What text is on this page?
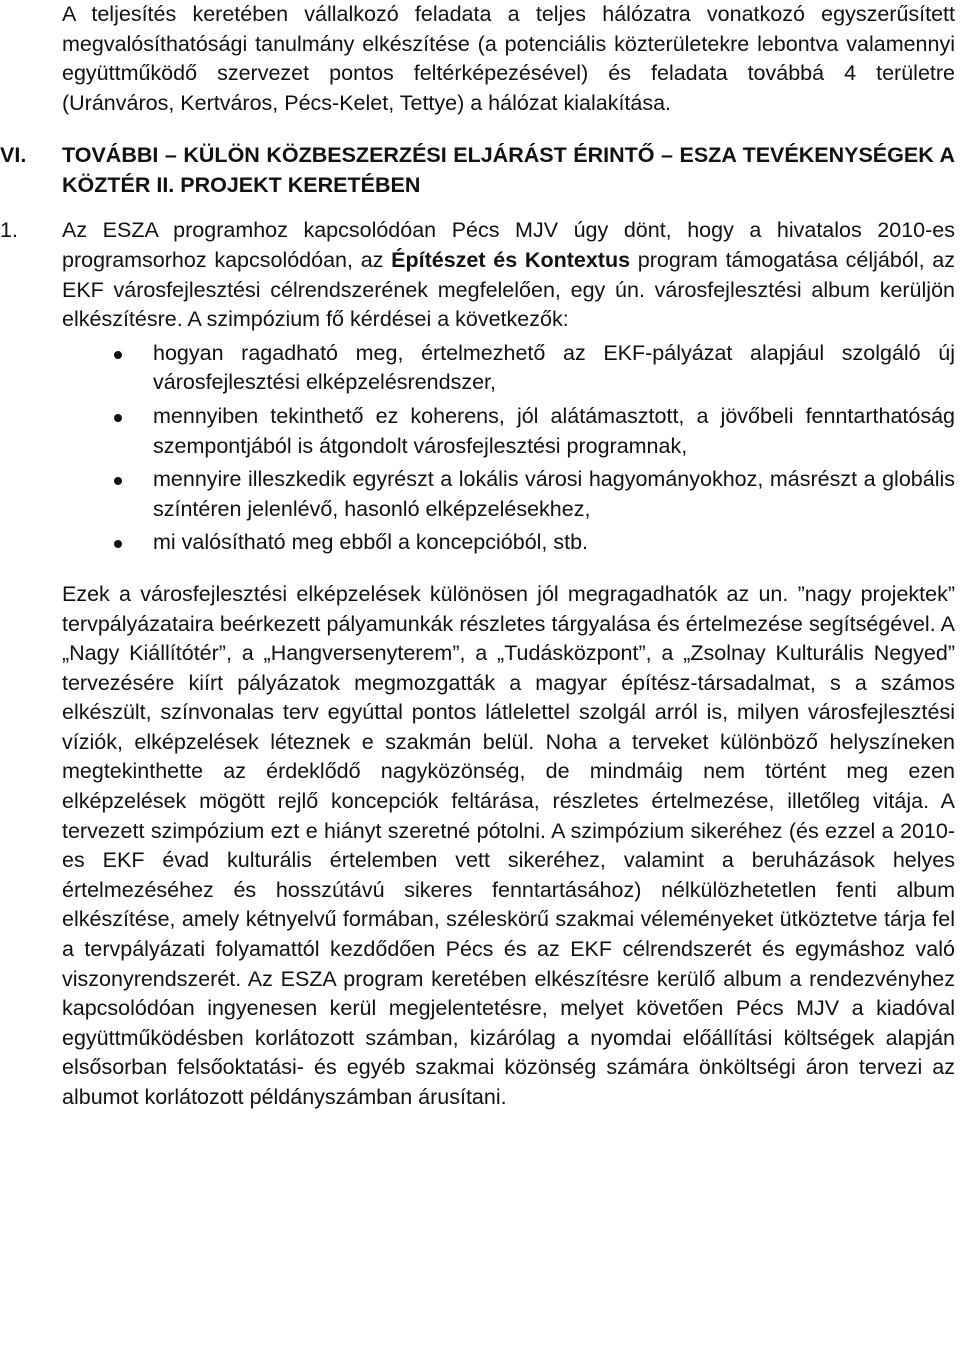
A teljesítés keretében vállalkozó feladata a teljes hálózatra vonatkozó egyszerűsített megvalósíthatósági tanulmány elkészítése (a potenciális közterületekre lebontva valamennyi együttműködő szervezet pontos feltérképezésével) és feladata továbbá 4 területre (Uránváros, Kertváros, Pécs-Kelet, Tettye) a hálózat kialakítása.

VI.	TOVÁBBI – KÜLÖN KÖZBESZERZÉSI ELJÁRÁST ÉRINTŐ – ESZA TEVÉKENYSÉGEK A KÖZTÉR II. PROJEKT KERETÉBEN

1. Az ESZA programhoz kapcsolódóan Pécs MJV úgy dönt, hogy a hivatalos 2010-es programsorhoz kapcsolódóan, az Építészet és Kontextus program támogatása céljából, az EKF városfejlesztési célrendszerének megfelelően, egy ún. városfejlesztési album kerüljön elkészítésre. A szimpózium fő kérdései a következők:

hogyan ragadható meg, értelmezhető az EKF-pályázat alapjául szolgáló új városfejlesztési elképzelésrendszer,
mennyiben tekinthető ez koherens, jól alátámasztott, a jövőbeli fenntarthatóság szempontjából is átgondolt városfejlesztési programnak,
mennyire illeszkedik egyrészt a lokális városi hagyományokhoz, másrészt a globális színtéren jelenlévő, hasonló elképzelésekhez,
mi valósítható meg ebből a koncepcióból, stb.

Ezek a városfejlesztési elképzelések különösen jól megragadhatók az un. ”nagy projektek” tervpályázataira beérkezett pályamunkák részletes tárgyalása és értelmezése segítségével. A „Nagy Kiállítótér”, a „Hangversenyterem”, a „Tudásközpont”, a „Zsolnay Kulturális Negyed” tervezésére kiírt pályázatok megmozgatták a magyar építész-társadalmat, s a számos elkészült, színvonalas terv egyúttal pontos látlelettel szolgál arról is, milyen városfejlesztési víziók, elképzelések léteznek e szakmán belül. Noha a terveket különböző helyszíneken megtekinthette az érdeklődő nagyközönség, de mindmáig nem történt meg ezen elképzelések mögött rejlő koncepciók feltárása, részletes értelmezése, illetőleg vitája. A tervezett szimpózium ezt e hiányt szeretné pótolni. A szimpózium sikeréhez (és ezzel a 2010-es EKF évad kulturális értelemben vett sikeréhez, valamint a beruházások helyes értelmezéséhez és hosszútávú sikeres fenntartásához) nélkülözhetetlen fenti album elkészítése, amely kétnyelvű formában, széleskörű szakmai véleményeket ütköztetve tárja fel a tervpályázati folyamattól kezdődően Pécs és az EKF célrendszerét és egymáshoz való viszonyrendszerét. Az ESZA program keretében elkészítésre kerülő album a rendezvényhez kapcsolódóan ingyenesen kerül megjelentetésre, melyet követően Pécs MJV a kiadóval együttműködésben korlátozott számban, kizárólag a nyomdai előállítási költségek alapján elsősorban felsőoktatási- és egyéb szakmai közönség számára önköltségi áron tervezi az albumot korlátozott példányszámban árusítani.
